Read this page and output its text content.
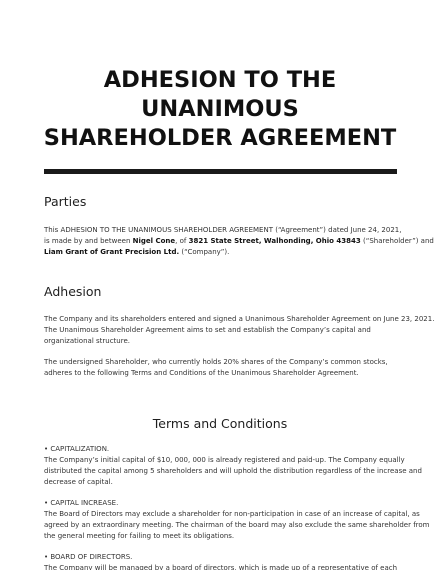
ADHESION TO THE
UNANIMOUS
SHAREHOLDER AGREEMENT
Parties
This ADHESION TO THE UNANIMOUS SHAREHOLDER AGREEMENT (“Agreement”) dated June 24, 2021,
is made by and between Nigel Cone, of 3821 State Street, Walhonding, Ohio 43843 (“Shareholder”) and
Liam Grant of Grant Precision Ltd. (“Company”).
Adhesion
The Company and its shareholders entered and signed a Unanimous Shareholder Agreement on June 23, 2021.
The Unanimous Shareholder Agreement aims to set and establish the Company’s capital and
organizational structure.
The undersigned Shareholder, who currently holds 20% shares of the Company’s common stocks,
adheres to the following Terms and Conditions of the Unanimous Shareholder Agreement.
Terms and Conditions
• CAPITALIZATION.
The Company’s initial capital of $10, 000, 000 is already registered and paid-up. The Company equally
distributed the capital among 5 shareholders and will uphold the distribution regardless of the increase and
decrease of capital.
• CAPITAL INCREASE.
The Board of Directors may exclude a shareholder for non-participation in case of an increase of capital, as
agreed by an extraordinary meeting. The chairman of the board may also exclude the same shareholder from
the general meeting for failing to meet its obligations.
• BOARD OF DIRECTORS.
The Company will be managed by a board of directors, which is made up of a representative of each
